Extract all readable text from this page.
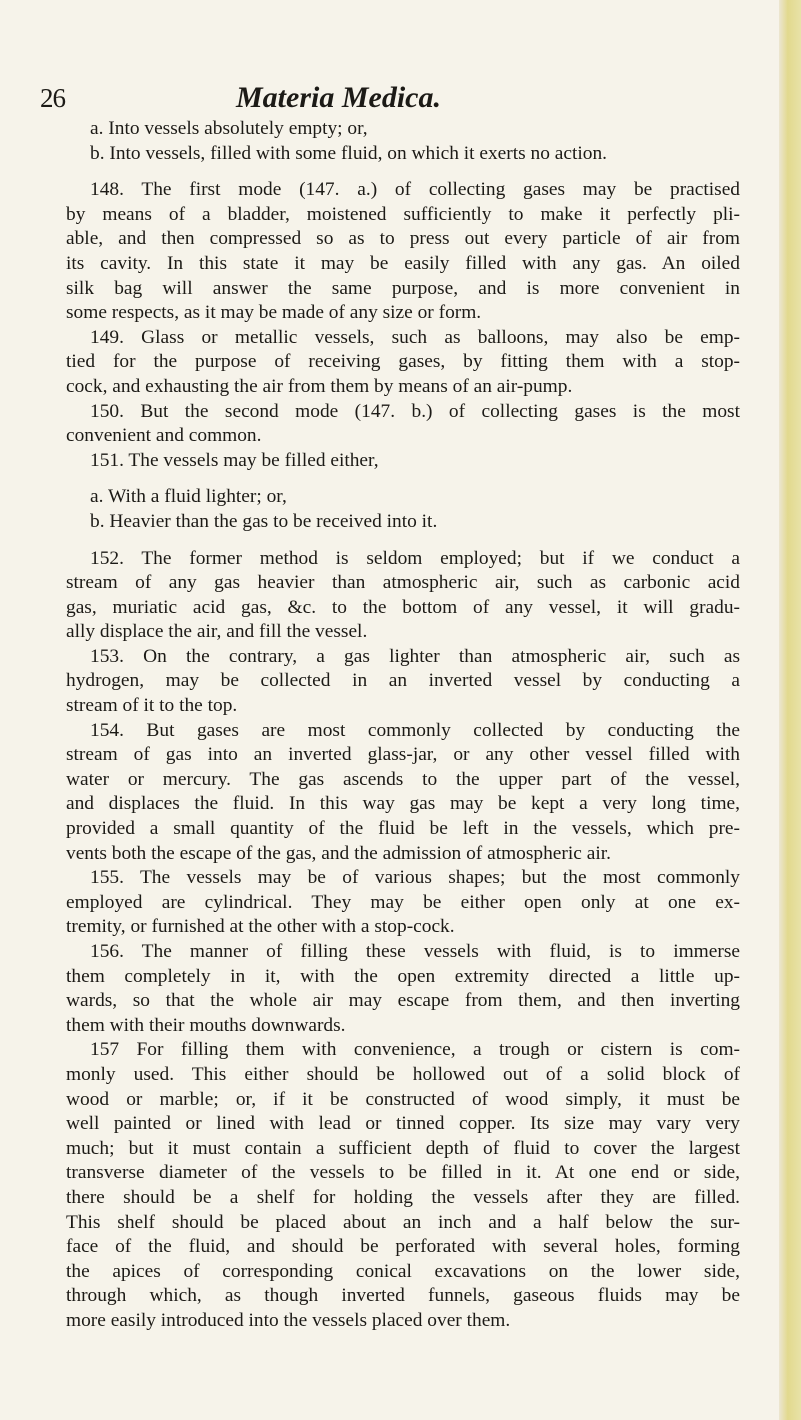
26	Materia Medica.
a. Into vessels absolutely empty; or,
b. Into vessels, filled with some fluid, on which it exerts no action.
148. The first mode (147. a.) of collecting gases may be practised
by means of a bladder, moistened sufficiently to make it perfectly pli-
able, and then compressed so as to press out every particle of air from
its cavity. In this state it may be easily filled with any gas. An oiled
silk bag will answer the same purpose, and is more convenient in
some respects, as it may be made of any size or form.
149. Glass or metallic vessels, such as balloons, may also be emp-
tied for the purpose of receiving gases, by fitting them with a stop-
cock, and exhausting the air from them by means of an air-pump.
150. But the second mode (147. b.) of collecting gases is the most
convenient and common.
151. The vessels may be filled either,
a. With a fluid lighter; or,
b. Heavier than the gas to be received into it.
152. The former method is seldom employed; but if we conduct a
stream of any gas heavier than atmospheric air, such as carbonic acid
gas, muriatic acid gas, &c. to the bottom of any vessel, it will gradu-
ally displace the air, and fill the vessel.
153. On the contrary, a gas lighter than atmospheric air, such as
hydrogen, may be collected in an inverted vessel by conducting a
stream of it to the top.
154. But gases are most commonly collected by conducting the
stream of gas into an inverted glass-jar, or any other vessel filled with
water or mercury. The gas ascends to the upper part of the vessel,
and displaces the fluid. In this way gas may be kept a very long time,
provided a small quantity of the fluid be left in the vessels, which pre-
vents both the escape of the gas, and the admission of atmospheric air.
155. The vessels may be of various shapes; but the most commonly
employed are cylindrical. They may be either open only at one ex-
tremity, or furnished at the other with a stop-cock.
156. The manner of filling these vessels with fluid, is to immerse
them completely in it, with the open extremity directed a little up-
wards, so that the whole air may escape from them, and then inverting
them with their mouths downwards.
157 For filling them with convenience, a trough or cistern is com-
monly used. This either should be hollowed out of a solid block of
wood or marble; or, if it be constructed of wood simply, it must be
well painted or lined with lead or tinned copper. Its size may vary very
much; but it must contain a sufficient depth of fluid to cover the largest
transverse diameter of the vessels to be filled in it. At one end or side,
there should be a shelf for holding the vessels after they are filled.
This shelf should be placed about an inch and a half below the sur-
face of the fluid, and should be perforated with several holes, forming
the apices of corresponding conical excavations on the lower side,
through which, as though inverted funnels, gaseous fluids may be
more easily introduced into the vessels placed over them.
